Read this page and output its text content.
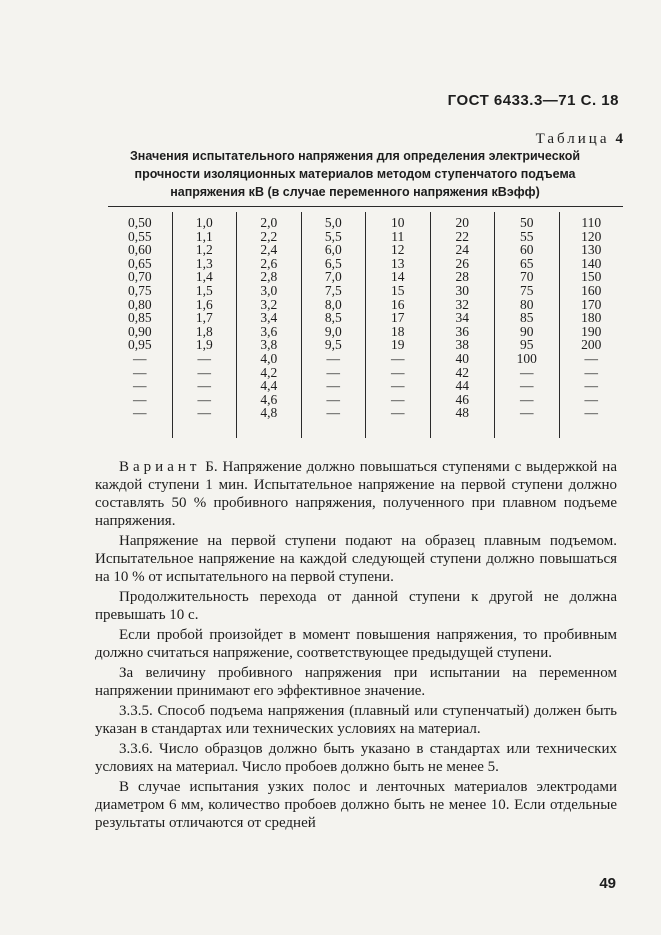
ГОСТ 6433.3—71 С. 18
Таблица 4
Значения испытательного напряжения для определения электрической
прочности изоляционных материалов методом ступенчатого подъема
напряжения кВ (в случае переменного напряжения кВэфф)
0,50
0,55
0,60
0,65
0,70
0,75
0,80
0,85
0,90
0,95
—
—
—
—
—
1,0
1,1
1,2
1,3
1,4
1,5
1,6
1,7
1,8
1,9
—
—
—
—
—
2,0
2,2
2,4
2,6
2,8
3,0
3,2
3,4
3,6
3,8
4,0
4,2
4,4
4,6
4,8
5,0
5,5
6,0
6,5
7,0
7,5
8,0
8,5
9,0
9,5
—
—
—
—
—
10
11
12
13
14
15
16
17
18
19
—
—
—
—
—
20
22
24
26
28
30
32
34
36
38
40
42
44
46
48
50
55
60
65
70
75
80
85
90
95
100
—
—
—
—
110
120
130
140
150
160
170
180
190
200
—
—
—
—
—

Вариант Б. Напряжение должно повышаться ступенями с выдержкой на каждой ступени 1 мин. Испытательное напряжение на первой ступени должно составлять 50 % пробивного напряжения, полученного при плавном подъеме напряжения.

Напряжение на первой ступени подают на образец плавным подъемом. Испытательное напряжение на каждой следующей ступени должно повышаться на 10 % от испытательного на первой ступени.

Продолжительность перехода от данной ступени к другой не должна превышать 10 с.

Если пробой произойдет в момент повышения напряжения, то пробивным должно считаться напряжение, соответствующее предыдущей ступени.

За величину пробивного напряжения при испытании на переменном напряжении принимают его эффективное значение.

3.3.5. Способ подъема напряжения (плавный или ступенчатый) должен быть указан в стандартах или технических условиях на материал.

3.3.6. Число образцов должно быть указано в стандартах или технических условиях на материал. Число пробоев должно быть не менее 5.

В случае испытания узких полос и ленточных материалов электродами диаметром 6 мм, количество пробоев должно быть не менее 10. Если отдельные результаты отличаются от средней

49
